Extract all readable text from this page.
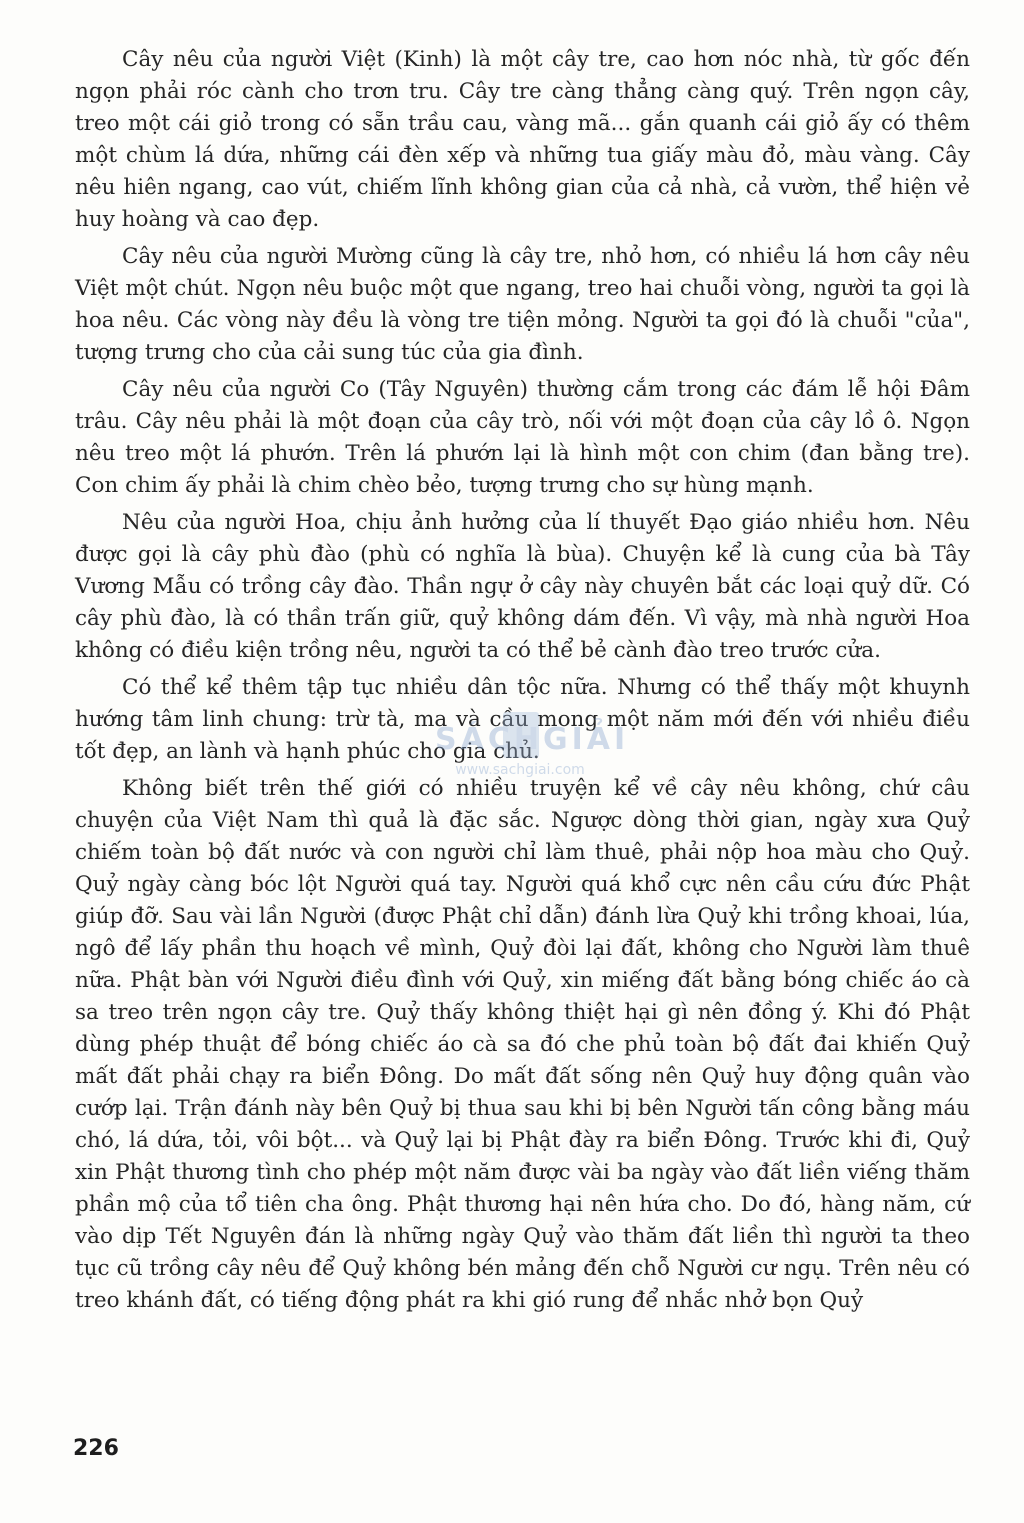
Cây nêu của người Việt (Kinh) là một cây tre, cao hơn nóc nhà, từ gốc đến ngọn phải róc cành cho trơn tru. Cây tre càng thẳng càng quý. Trên ngọn cây, treo một cái giỏ trong có sẵn trầu cau, vàng mã... gắn quanh cái giỏ ấy có thêm một chùm lá dứa, những cái đèn xếp và những tua giấy màu đỏ, màu vàng. Cây nêu hiên ngang, cao vút, chiếm lĩnh không gian của cả nhà, cả vườn, thể hiện vẻ huy hoàng và cao đẹp.

Cây nêu của người Mường cũng là cây tre, nhỏ hơn, có nhiều lá hơn cây nêu Việt một chút. Ngọn nêu buộc một que ngang, treo hai chuỗi vòng, người ta gọi là hoa nêu. Các vòng này đều là vòng tre tiện mỏng. Người ta gọi đó là chuỗi "của", tượng trưng cho của cải sung túc của gia đình.

Cây nêu của người Co (Tây Nguyên) thường cắm trong các đám lễ hội Đâm trâu. Cây nêu phải là một đoạn của cây trò, nối với một đoạn của cây lồ ô. Ngọn nêu treo một lá phướn. Trên lá phướn lại là hình một con chim (đan bằng tre). Con chim ấy phải là chim chèo bẻo, tượng trưng cho sự hùng mạnh.

Nêu của người Hoa, chịu ảnh hưởng của lí thuyết Đạo giáo nhiều hơn. Nêu được gọi là cây phù đào (phù có nghĩa là bùa). Chuyện kể là cung của bà Tây Vương Mẫu có trồng cây đào. Thần ngự ở cây này chuyên bắt các loại quỷ dữ. Có cây phù đào, là có thần trấn giữ, quỷ không dám đến. Vì vậy, mà nhà người Hoa không có điều kiện trồng nêu, người ta có thể bẻ cành đào treo trước cửa.

Có thể kể thêm tập tục nhiều dân tộc nữa. Nhưng có thể thấy một khuynh hướng tâm linh chung: trừ tà, ma và cầu mong một năm mới đến với nhiều điều tốt đẹp, an lành và hạnh phúc cho gia chủ.

Không biết trên thế giới có nhiều truyện kể về cây nêu không, chứ câu chuyện của Việt Nam thì quả là đặc sắc. Ngược dòng thời gian, ngày xưa Quỷ chiếm toàn bộ đất nước và con người chỉ làm thuê, phải nộp hoa màu cho Quỷ. Quỷ ngày càng bóc lột Người quá tay. Người quá khổ cực nên cầu cứu đức Phật giúp đỡ. Sau vài lần Người (được Phật chỉ dẫn) đánh lừa Quỷ khi trồng khoai, lúa, ngô để lấy phần thu hoạch về mình, Quỷ đòi lại đất, không cho Người làm thuê nữa. Phật bàn với Người điều đình với Quỷ, xin miếng đất bằng bóng chiếc áo cà sa treo trên ngọn cây tre. Quỷ thấy không thiệt hại gì nên đồng ý. Khi đó Phật dùng phép thuật để bóng chiếc áo cà sa đó che phủ toàn bộ đất đai khiến Quỷ mất đất phải chạy ra biển Đông. Do mất đất sống nên Quỷ huy động quân vào cướp lại. Trận đánh này bên Quỷ bị thua sau khi bị bên Người tấn công bằng máu chó, lá dứa, tỏi, vôi bột... và Quỷ lại bị Phật đày ra biển Đông. Trước khi đi, Quỷ xin Phật thương tình cho phép một năm được vài ba ngày vào đất liền viếng thăm phần mộ của tổ tiên cha ông. Phật thương hại nên hứa cho. Do đó, hàng năm, cứ vào dịp Tết Nguyên đán là những ngày Quỷ vào thăm đất liền thì người ta theo tục cũ trồng cây nêu để Quỷ không bén mảng đến chỗ Người cư ngụ. Trên nêu có treo khánh đất, có tiếng động phát ra khi gió rung để nhắc nhở bọn Quỷ

SÁCHGIẢI
www.sachgiai.com
226
